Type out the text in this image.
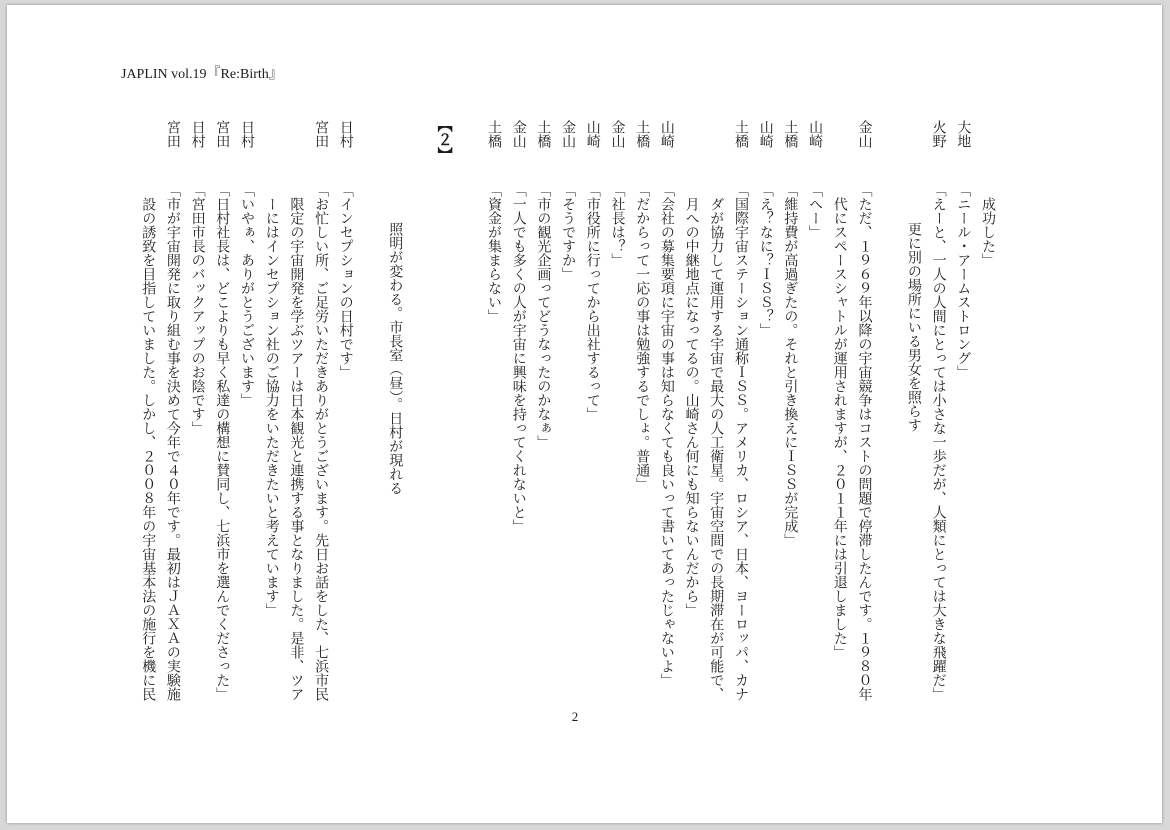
JAPLIN vol.19『Re:Birth』
成功した」
大地
「ニール・アームストロング」
火野
「えーと、一人の人間にとっては小さな一歩だが、人類にとっては大きな飛躍だ」
更に別の場所にいる男女を照らす
金山
「ただ、１９６９年以降の宇宙競争はコストの問題で停滞したんです。１９８０年
代にスペースシャトルが運用されますが、２０１１年には引退しました」
山崎
「へー」
土橋
「維持費が高過ぎたの。それと引き換えにＩＳＳが完成」
山崎
「え？なに？ＩＳＳ？」
土橋
「国際宇宙ステーション通称ＩＳＳ。アメリカ、ロシア、日本、ヨーロッパ、カナ
ダが協力して運用する宇宙で最大の人工衛星。宇宙空間での長期滞在が可能で、
月への中継地点になってるの。山崎さん何にも知らないんだから」
山崎
「会社の募集要項に宇宙の事は知らなくても良いって書いてあったじゃないよ」
土橋
「だからって一応の事は勉強するでしょ。普通」
金山
「社長は？」
山崎
「市役所に行ってから出社するって」
金山
「そうですか」
土橋
「市の観光企画ってどうなったのかなぁ」
金山
「一人でも多くの人が宇宙に興味を持ってくれないと」
土橋
「資金が集まらない」
【２】
照明が変わる。市長室（昼）。日村が現れる
日村
「インセプションの日村です」
宮田
「お忙しい所、ご足労いただきありがとうございます。先日お話をした、七浜市民
限定の宇宙開発を学ぶツアーは日本観光と連携する事となりました。是非、ツア
ーにはインセプション社のご協力をいただきたいと考えています」
日村
「いやぁ、ありがとうございます」
宮田
「日村社長は、どこよりも早く私達の構想に賛同し、七浜市を選んでくださった」
日村
「宮田市長のバックアップのお陰です」
宮田
「市が宇宙開発に取り組む事を決めて今年で４０年です。最初はＪＡＸＡの実験施
設の誘致を目指していました。しかし、２００８年の宇宙基本法の施行を機に民
2
